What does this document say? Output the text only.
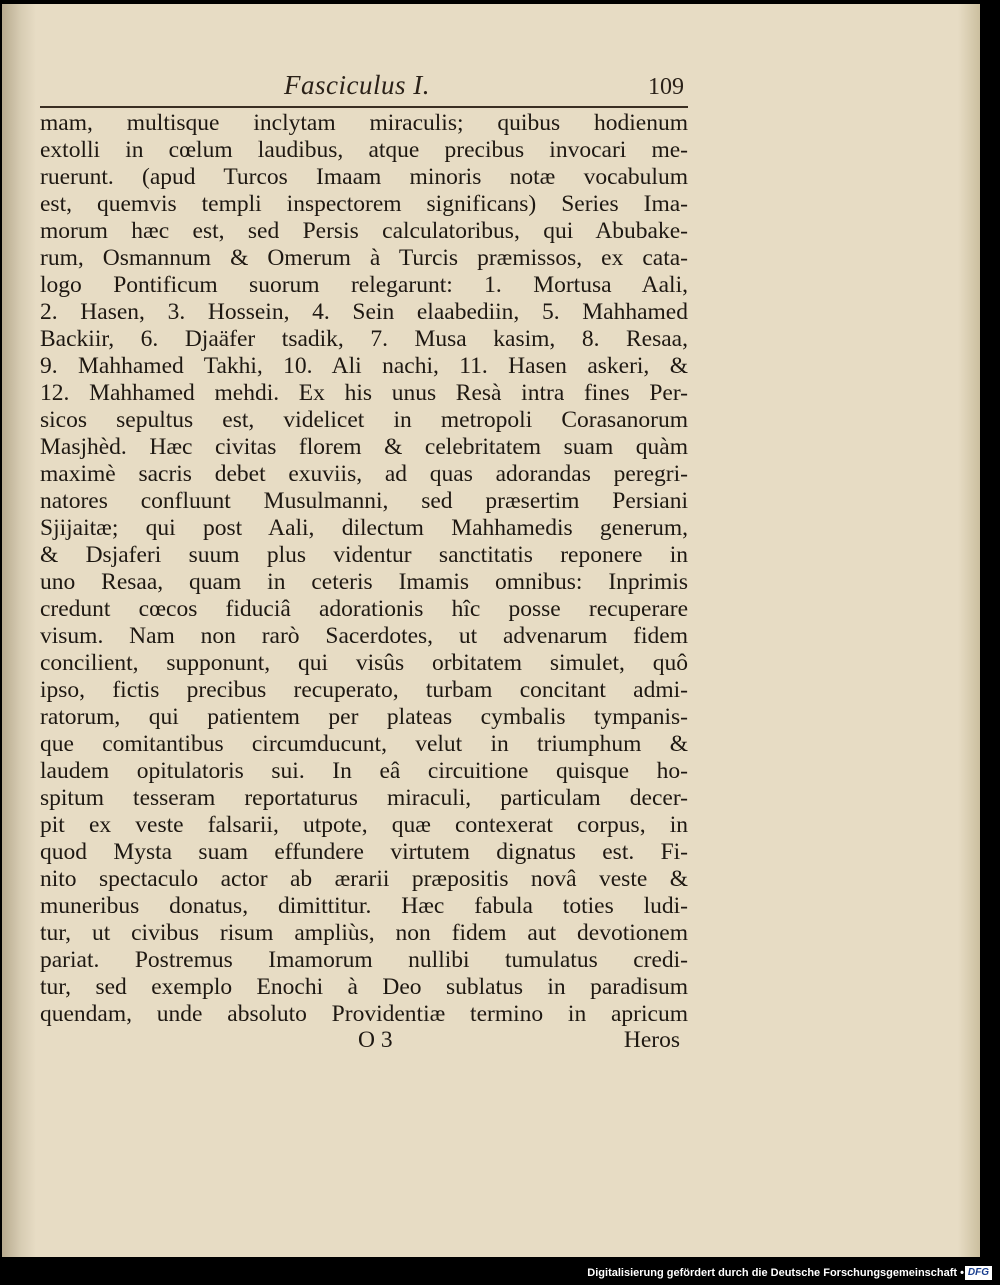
Fasciculus I.	109
mam, multisque inclytam miraculis; quibus hodienum
extolli in cœlum laudibus, atque precibus invocari me-
ruerunt. (apud Turcos Imaam minoris notæ vocabulum
est, quemvis templi inspectorem significans) Series Ima-
morum hæc est, sed Persis calculatoribus, qui Abubake-
rum, Osmannum & Omerum à Turcis præmissos, ex cata-
logo Pontificum suorum relegarunt: 1. Mortusa Aali,
2. Hasen, 3. Hossein, 4. Sein elaabediin, 5. Mahhamed
Backiir, 6. Djaäfer tsadik, 7. Musa kasim, 8. Resaa,
9. Mahhamed Takhi, 10. Ali nachi, 11. Hasen askeri, &
12. Mahhamed mehdi. Ex his unus Resà intra fines Per-
sicos sepultus est, videlicet in metropoli Corasanorum
Masjhèd. Hæc civitas florem & celebritatem suam quàm
maximè sacris debet exuviis, ad quas adorandas peregri-
natores confluunt Musulmanni, sed præsertim Persiani
Sjijaitæ; qui post Aali, dilectum Mahhamedis generum,
& Dsjaferi suum plus videntur sanctitatis reponere in
uno Resaa, quam in ceteris Imamis omnibus: Inprimis
credunt cœcos fiduciâ adorationis hîc posse recuperare
visum. Nam non rarò Sacerdotes, ut advenarum fidem
concilient, supponunt, qui visûs orbitatem simulet, quô
ipso, fictis precibus recuperato, turbam concitant admi-
ratorum, qui patientem per plateas cymbalis tympanis-
que comitantibus circumducunt, velut in triumphum &
laudem opitulatoris sui. In eâ circuitione quisque ho-
spitum tesseram reportaturus miraculi, particulam decer-
pit ex veste falsarii, utpote, quæ contexerat corpus, in
quod Mysta suam effundere virtutem dignatus est. Fi-
nito spectaculo actor ab ærarii præpositis novâ veste &
muneribus donatus, dimittitur. Hæc fabula toties ludi-
tur, ut civibus risum ampliùs, non fidem aut devotionem
pariat. Postremus Imamorum nullibi tumulatus credi-
tur, sed exemplo Enochi à Deo sublatus in paradisum
quendam, unde absoluto Providentiæ termino in apricum
O 3	Heros
Digitalisierung gefördert durch die Deutsche Forschungsgemeinschaft • DFG
